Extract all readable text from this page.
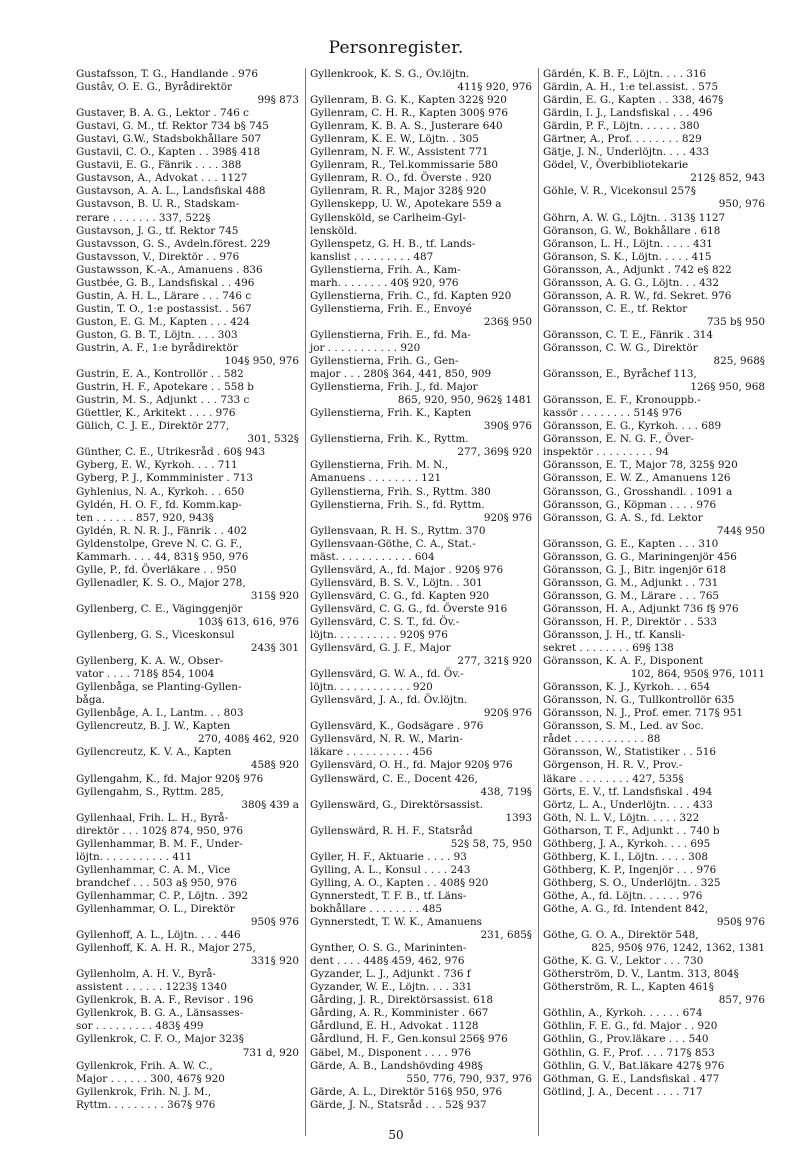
Personregister.
Gustafsson, T. G., Handlande . 976
Gustâv, O. E. G., Byrådirektör
99§ 873
Gustaver, B. A. G., Lektor . 746 c
Gustavi, G. M., tf. Rektor 734 b§ 745
Gustavi, G.W., Stadsbokhållare 507
Gustavii, C. O., Kapten . . 398§ 418
Gustavii, E. G., Fänrik . . . . 388
Gustavson, A., Advokat . . . 1127
Gustavson, A. A. L., Landsfiskal 488
Gustavson, B. U. R., Stadskam-
rerare . . . . . . . 337, 522§
Gustavson, J. G., tf. Rektor 745
Gustavsson, G. S., Avdeln.förest. 229
Gustavsson, V., Direktör . . 976
Gustawsson, K.-A., Amanuens . 836
Gustbée, G. B., Landsfiskal . . 496
Gustin, A. H. L., Lärare . . . 746 c
Gustin, T. O., 1:e postassist. . 567
Guston, E. G. M., Kapten . . . 424
Guston, G. B. T., Löjtn. . . . 303
Gustrin, A. F., 1:e byrådirektör
104§ 950, 976
Gustrin, E. A., Kontrollör . . 582
Gustrin, H. F., Apotekare . . 558 b
Gustrin, M. S., Adjunkt . . . 733 c
Güettler, K., Arkitekt . . . . 976
Gülich, C. J. E., Direktör 277,
301, 532§
Günther, C. E., Utrikesråd . 60§ 943
Gyberg, E. W., Kyrkoh. . . . 711
Gyberg, P. J., Kommminister . 713
Gyhlenius, N. A., Kyrkoh. . . 650
Gyldén, H. O. F., fd. Komm.kap-
ten . . . . . . 857, 920, 943§
Gyldén, R. N. R. J., Fänrik . . 402
Gyldenstolpe, Greve N. C. G. F.,
Kammarh. . . . 44, 831§ 950, 976
Gylle, P., fd. Överläkare . . 950
Gyllenadler, K. S. O., Major 278,
315§ 920
Gyllenberg, C. E., Väginggenjör
103§ 613, 616, 976
Gyllenberg, G. S., Viceskonsul
243§ 301
Gyllenberg, K. A. W., Obser-
vator . . . . 718§ 854, 1004
Gyllenbåga, se Planting-Gyllen-
båga.
Gyllenbåge, A. I., Lantm. . . 803
Gyllencreutz, B. J. W., Kapten
270, 408§ 462, 920
Gyllencreutz, K. V. A., Kapten
458§ 920
Gyllengahm, K., fd. Major 920§ 976
Gyllengahm, S., Ryttm. 285,
380§ 439 a
Gyllenhaal, Frih. L. H., Byrå-
direktör . . . 102§ 874, 950, 976
Gyllenhammar, B. M. F., Under-
löjtn. . . . . . . . . . . 411
Gyllenhammar, C. A. M., Vice
brandchef . . . 503 a§ 950, 976
Gyllenhammar, C. P., Löjtn. . 392
Gyllenhammar, O. L., Direktör
950§ 976
Gyllenhoff, A. L., Löjtn. . . . 446
Gyllenhoff, K. A. H. R., Major 275,
331§ 920
Gyllenholm, A. H. V., Byrå-
assistent . . . . . . 1223§ 1340
Gyllenkrok, B. A. F., Revisor . 196
Gyllenkrok, B. G. A., Länsasses-
sor . . . . . . . . . 483§ 499
Gyllenkrok, C. F. O., Major 323§
731 d, 920
Gyllenkrok, Frih. A. W. C.,
Major . . . . . . 300, 467§ 920
Gyllenkrok, Frih. N. J. M.,
Ryttm. . . . . . . . . 367§ 976
Gyllenkrook, K. S. G., Öv.löjtn.
411§ 920, 976
Gyllenram, B. G. K., Kapten 322§ 920
Gyllenram, C. H. R., Kapten 300§ 976
Gyllenram, K. B. A. S., Justerare 640
Gyllenram, K. E. W., Löjtn. . 305
Gyllenram, N. F. W., Assistent 771
Gyllenram, R., Tel.kommissarie 580
Gyllenram, R. O., fd. Överste . 920
Gyllenram, R. R., Major 328§ 920
Gyllenskepp, U. W., Apotekare 559 a
Gyllensköld, se Carlheim-Gyl-
lensköld.
Gyllenspetz, G. H. B., tf. Lands-
kanslist . . . . . . . . . 487
Gyllenstierna, Frih. A., Kam-
marh. . . . . . . . 40§ 920, 976
Gyllenstierna, Frih. C., fd. Kapten 920
Gyllenstierna, Frih. E., Envoyé
236§ 950
Gyllenstierna, Frih. E., fd. Ma-
jor . . . . . . . . . . . 920
Gyllenstierna, Frih. G., Gen-
major . . . 280§ 364, 441, 850, 909
Gyllenstierna, Frih. J., fd. Major
865, 920, 950, 962§ 1481
Gyllenstierna, Frih. K., Kapten
390§ 976
Gyllenstierna, Frih. K., Ryttm.
277, 369§ 920
Gyllenstierna, Frih. M. N.,
Amanuens . . . . . . . . 121
Gyllenstierna, Frih. S., Ryttm. 380
Gyllenstierna, Frih. S., fd. Ryttm.
920§ 976
Gyllensvaan, R. H. S., Ryttm. 370
Gyllensvaan-Göthe, C. A., Stat.-
mäst. . . . . . . . . . . . 604
Gyllensvärd, A., fd. Major . 920§ 976
Gyllensvärd, B. S. V., Löjtn. . 301
Gyllensvärd, C. G., fd. Kapten 920
Gyllensvärd, C. G. G., fd. Överste 916
Gyllensvärd, C. S. T., fd. Öv.-
löjtn. . . . . . . . . . 920§ 976
Gyllensvärd, G. J. F., Major
277, 321§ 920
Gyllensvärd, G. W. A., fd. Öv.-
löjtn. . . . . . . . . . . . 920
Gyllensvärd, J. A., fd. Öv.löjtn.
920§ 976
Gyllensvärd, K., Godsägare . 976
Gyllensvärd, N. R. W., Marin-
läkare . . . . . . . . . . 456
Gyllensvärd, O. H., fd. Major 920§ 976
Gyllenswärd, C. E., Docent 426,
438, 719§
Gyllenswärd, G., Direktörsassist.
1393
Gyllenswärd, R. H. F., Statsråd
52§ 58, 75, 950
Gyller, H. F., Aktuarie . . . . 93
Gylling, A. L., Konsul . . . . 243
Gylling, A. O., Kapten . . 408§ 920
Gynnerstedt, T. F. B., tf. Läns-
bokhållare . . . . . . . . 485
Gynnerstedt, T. W. K., Amanuens
231, 685§
Gynther, O. S. G., Marininten-
dent . . . . 448§ 459, 462, 976
Gyzander, L. J., Adjunkt . 736 f
Gyzander, W. E., Löjtn. . . . 331
Gårding, J. R., Direktörsassist. 618
Gårding, A. R., Komminister . 667
Gårdlund, E. H., Advokat . 1128
Gårdlund, H. F., Gen.konsul 256§ 976
Gäbel, M., Disponent . . . . 976
Gärde, A. B., Landshövding 498§
550, 776, 790, 937, 976
Gärde, A. L., Direktör 516§ 950, 976
Gärde, J. N., Statsråd . . . 52§ 937
Gärdén, K. B. F., Löjtn. . . . 316
Gärdin, A. H., 1:e tel.assist. . 575
Gärdin, E. G., Kapten . . 338, 467§
Gärdin, I. J., Landsfiskal . . . 496
Gärdin, P. F., Löjtn. . . . . . 380
Gärtner, A., Prof. . . . . . . . 829
Gätje, J. N., Underlöjtn. . . . 433
Gödel, V., Överbibliotekarie
212§ 852, 943
Göhle, V. R., Vicekonsul 257§
950, 976
Göhrn, A. W. G., Löjtn. . 313§ 1127
Göranson, G. W., Bokhållare . 618
Göranson, L. H., Löjtn. . . . . 431
Göranson, S. K., Löjtn. . . . . 415
Göransson, A., Adjunkt . 742 e§ 822
Göransson, A. G. G., Löjtn. . . 432
Göransson, A. R. W., fd. Sekret. 976
Göransson, C. E., tf. Rektor
735 b§ 950
Göransson, C. T. E., Fänrik . 314
Göransson, C. W. G., Direktör
825, 968§
Göransson, E., Byråchef 113,
126§ 950, 968
Göransson, E. F., Kronouppb.-
kassör . . . . . . . . 514§ 976
Göransson, E. G., Kyrkoh. . . . 689
Göransson, E. N. G. F., Över-
inspektör . . . . . . . . . 94
Göransson, E. T., Major 78, 325§ 920
Göransson, E. W. Z., Amanuens 126
Göransson, G., Grosshandl. . 1091 a
Göransson, G., Köpman . . . . 976
Göransson, G. A. S., fd. Lektor
744§ 950
Göransson, G. E., Kapten . . . 310
Göransson, G. G., Mariningenjör 456
Göransson, G. J., Bitr. ingenjör 618
Göransson, G. M., Adjunkt . . 731
Göransson, G. M., Lärare . . . 765
Göransson, H. A., Adjunkt 736 f§ 976
Göransson, H. P., Direktör . . 533
Göransson, J. H., tf. Kansli-
sekret . . . . . . . . 69§ 138
Göransson, K. A. F., Disponent
102, 864, 950§ 976, 1011
Göransson, K. J., Kyrkoh. . . 654
Göransson, N. G., Tullkontrollör 635
Göransson, N. J., Prof. emer. 717§ 951
Göransson, S. M., Led. av Soc.
rådet . . . . . . . . . . . 88
Göransson, W., Statistiker . . 516
Görgenson, H. R. V., Prov.-
läkare . . . . . . . . 427, 535§
Görts, E. V., tf. Landsfiskal . 494
Görtz, L. A., Underlöjtn. . . . 433
Göth, N. L. V., Löjtn. . . . . 322
Götharson, T. F., Adjunkt . . 740 b
Göthberg, J. A., Kyrkoh. . . . 695
Göthberg, K. I., Löjtn. . . . . 308
Göthberg, K. P., Ingenjör . . . 976
Göthberg, S. O., Underlöjtn. . 325
Göthe, A., fd. Löjtn. . . . . . 976
Göthe, A. G., fd. Intendent 842,
950§ 976
Göthe, G. O. A., Direktör 548,
825, 950§ 976, 1242, 1362, 1381
Göthe, K. G. V., Lektor . . . 730
Götherström, D. V., Lantm. 313, 804§
Götherström, R. L., Kapten 461§
857, 976
Göthlin, A., Kyrkoh. . . . . . 674
Göthlin, F. E. G., fd. Major . . 920
Göthlin, G., Prov.läkare . . . 540
Göthlin, G. F., Prof. . . . 717§ 853
Göthlin, G. V., Bat.läkare 427§ 976
Göthman, G. E., Landsfiskal . 477
Götlind, J. A., Decent . . . . 717
50
